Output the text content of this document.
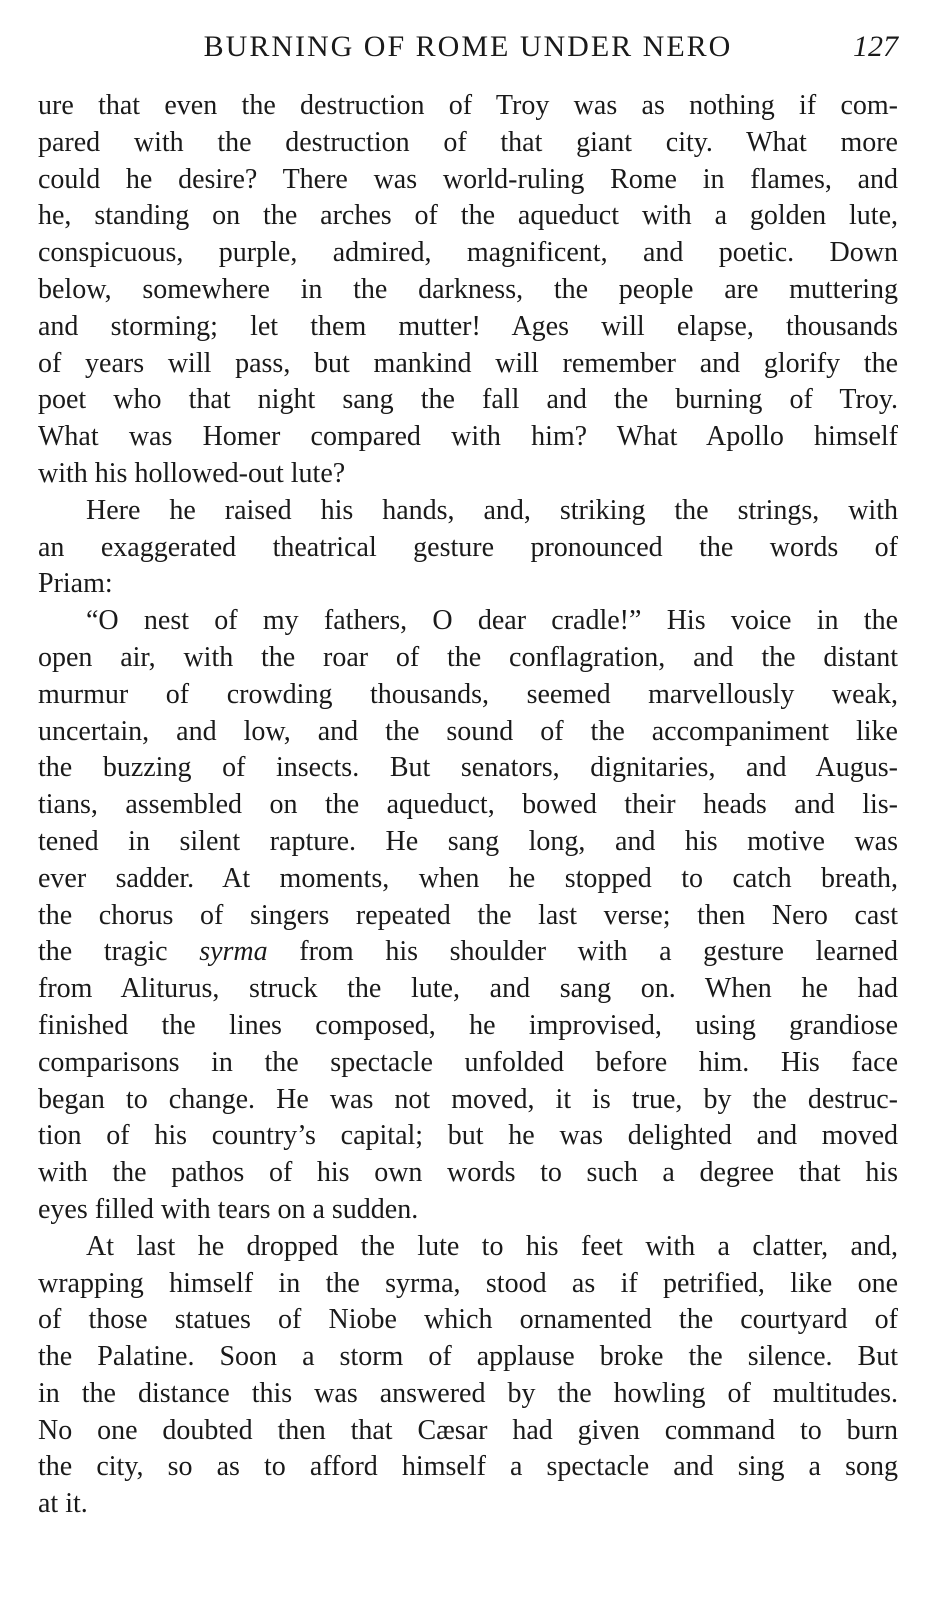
BURNING OF ROME UNDER NERO	127
ure that even the destruction of Troy was as nothing if com-
pared with the destruction of that giant city. What more
could he desire? There was world-ruling Rome in flames, and
he, standing on the arches of the aqueduct with a golden lute,
conspicuous, purple, admired, magnificent, and poetic. Down
below, somewhere in the darkness, the people are muttering
and storming; let them mutter! Ages will elapse, thousands
of years will pass, but mankind will remember and glorify the
poet who that night sang the fall and the burning of Troy.
What was Homer compared with him? What Apollo himself
with his hollowed-out lute?
Here he raised his hands, and, striking the strings, with
an exaggerated theatrical gesture pronounced the words of
Priam:
“O nest of my fathers, O dear cradle!” His voice in the
open air, with the roar of the conflagration, and the distant
murmur of crowding thousands, seemed marvellously weak,
uncertain, and low, and the sound of the accompaniment like
the buzzing of insects. But senators, dignitaries, and Augus-
tians, assembled on the aqueduct, bowed their heads and lis-
tened in silent rapture. He sang long, and his motive was
ever sadder. At moments, when he stopped to catch breath,
the chorus of singers repeated the last verse; then Nero cast
the tragic syrma from his shoulder with a gesture learned
from Aliturus, struck the lute, and sang on. When he had
finished the lines composed, he improvised, using grandiose
comparisons in the spectacle unfolded before him. His face
began to change. He was not moved, it is true, by the destruc-
tion of his country’s capital; but he was delighted and moved
with the pathos of his own words to such a degree that his
eyes filled with tears on a sudden.
At last he dropped the lute to his feet with a clatter, and,
wrapping himself in the syrma, stood as if petrified, like one
of those statues of Niobe which ornamented the courtyard of
the Palatine. Soon a storm of applause broke the silence. But
in the distance this was answered by the howling of multitudes.
No one doubted then that Cæsar had given command to burn
the city, so as to afford himself a spectacle and sing a song
at it.
